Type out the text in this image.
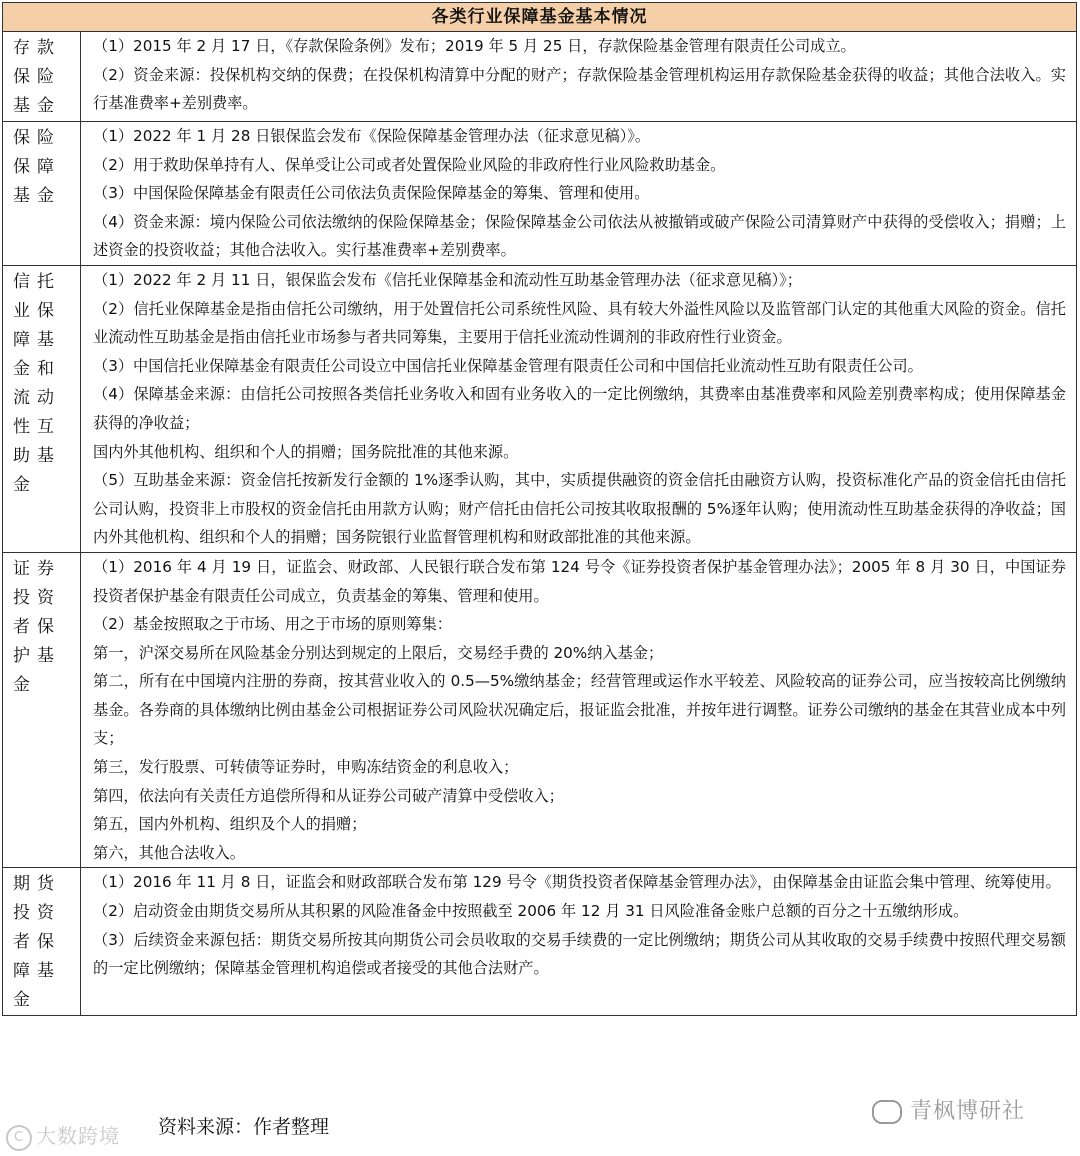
各类行业保障基金基本情况
存款保险基金
（1）2015 年 2 月 17 日，《存款保险条例》发布；2019 年 5 月 25 日，存款保险基金管理有限责任公司成立。
（2）资金来源：投保机构交纳的保费；在投保机构清算中分配的财产；存款保险基金管理机构运用存款保险基金获得的收益；其他合法收入。实行基准费率+差别费率。
保险保障基金
（1）2022 年 1 月 28 日银保监会发布《保险保障基金管理办法（征求意见稿）》。
（2）用于救助保单持有人、保单受让公司或者处置保险业风险的非政府性行业风险救助基金。
（3）中国保险保障基金有限责任公司依法负责保险保障基金的筹集、管理和使用。
（4）资金来源：境内保险公司依法缴纳的保险保障基金；保险保障基金公司依法从被撤销或破产保险公司清算财产中获得的受偿收入；捐赠；上述资金的投资收益；其他合法收入。实行基准费率+差别费率。
信托业保障基金和流动性互助基金
（1）2022 年 2 月 11 日，银保监会发布《信托业保障基金和流动性互助基金管理办法（征求意见稿）》；
（2）信托业保障基金是指由信托公司缴纳，用于处置信托公司系统性风险、具有较大外溢性风险以及监管部门认定的其他重大风险的资金。信托业流动性互助基金是指由信托业市场参与者共同筹集，主要用于信托业流动性调剂的非政府性行业资金。
（3）中国信托业保障基金有限责任公司设立中国信托业保障基金管理有限责任公司和中国信托业流动性互助有限责任公司。
（4）保障基金来源：由信托公司按照各类信托业务收入和固有业务收入的一定比例缴纳，其费率由基准费率和风险差别费率构成；使用保障基金获得的净收益；
国内外其他机构、组织和个人的捐赠；国务院批准的其他来源。
（5）互助基金来源：资金信托按新发行金额的 1%逐季认购，其中，实质提供融资的资金信托由融资方认购，投资标准化产品的资金信托由信托公司认购，投资非上市股权的资金信托由用款方认购；财产信托由信托公司按其收取报酬的 5%逐年认购；使用流动性互助基金获得的净收益；国内外其他机构、组织和个人的捐赠；国务院银行业监督管理机构和财政部批准的其他来源。
证券投资者保护基金
（1）2016 年 4 月 19 日，证监会、财政部、人民银行联合发布第 124 号令《证券投资者保护基金管理办法》；2005 年 8 月 30 日，中国证券投资者保护基金有限责任公司成立，负责基金的筹集、管理和使用。
（2）基金按照取之于市场、用之于市场的原则筹集：
第一，沪深交易所在风险基金分别达到规定的上限后，交易经手费的 20%纳入基金；
第二，所有在中国境内注册的券商，按其营业收入的 0.5—5%缴纳基金；经营管理或运作水平较差、风险较高的证券公司，应当按较高比例缴纳基金。各券商的具体缴纳比例由基金公司根据证券公司风险状况确定后，报证监会批准，并按年进行调整。证券公司缴纳的基金在其营业成本中列支；
第三，发行股票、可转债等证券时，申购冻结资金的利息收入；
第四，依法向有关责任方追偿所得和从证券公司破产清算中受偿收入；
第五，国内外机构、组织及个人的捐赠；
第六，其他合法收入。
期货投资者保障基金
（1）2016 年 11 月 8 日，证监会和财政部联合发布第 129 号令《期货投资者保障基金管理办法》，由保障基金由证监会集中管理、统筹使用。
（2）启动资金由期货交易所从其积累的风险准备金中按照截至 2006 年 12 月 31 日风险准备金账户总额的百分之十五缴纳形成。
（3）后续资金来源包括：期货交易所按其向期货公司会员收取的交易手续费的一定比例缴纳；期货公司从其收取的交易手续费中按照代理交易额的一定比例缴纳；保障基金管理机构追偿或者接受的其他合法财产。
资料来源：作者整理
C 大数跨境
青枫博研社
